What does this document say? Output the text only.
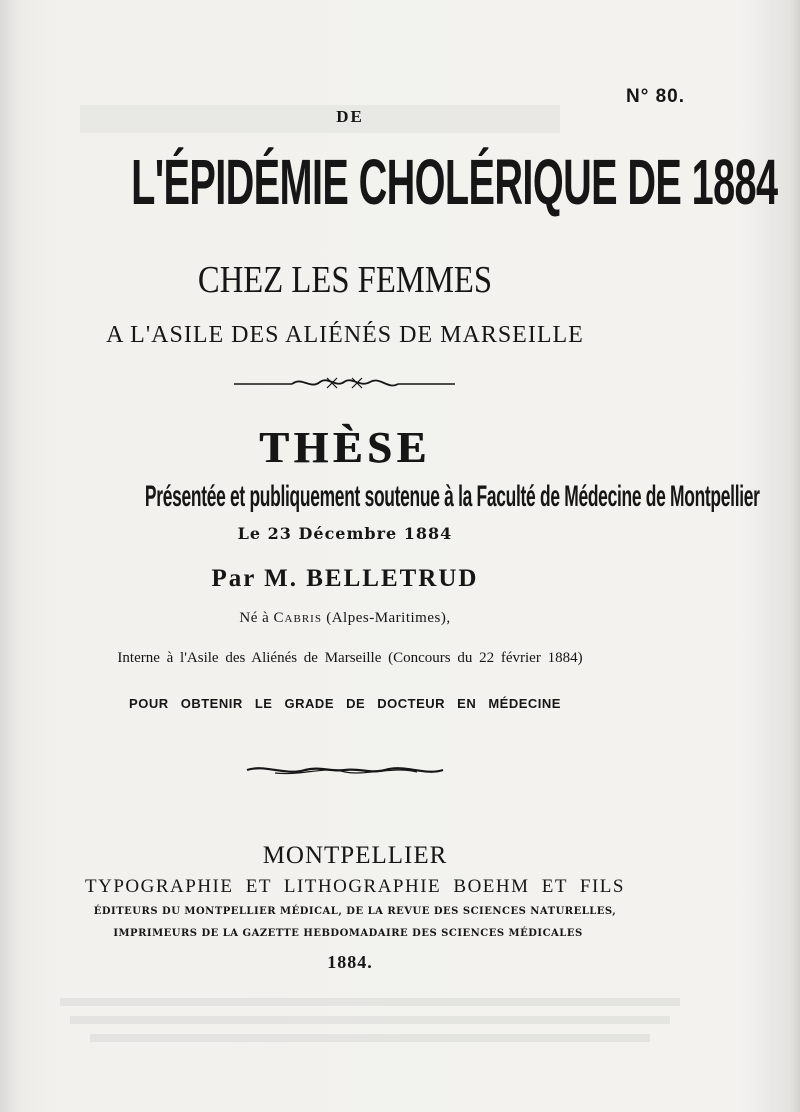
⠀
N° 80.
DE
L'ÉPIDÉMIE CHOLÉRIQUE DE 1884
CHEZ LES FEMMES
A L'ASILE DES ALIÉNÉS DE MARSEILLE
THÈSE
Présentée et publiquement soutenue à la Faculté de Médecine de Montpellier
Le 23 Décembre 1884
Par M. BELLETRUD
Né à Cabris (Alpes-Maritimes),
Interne à l'Asile des Aliénés de Marseille (Concours du 22 février 1884)
POUR OBTENIR LE GRADE DE DOCTEUR EN MÉDECINE
MONTPELLIER
TYPOGRAPHIE ET LITHOGRAPHIE BOEHM ET FILS
ÉDITEURS DU MONTPELLIER MÉDICAL, DE LA REVUE DES SCIENCES NATURELLES,
IMPRIMEURS DE LA GAZETTE HEBDOMADAIRE DES SCIENCES MÉDICALES
1884.
